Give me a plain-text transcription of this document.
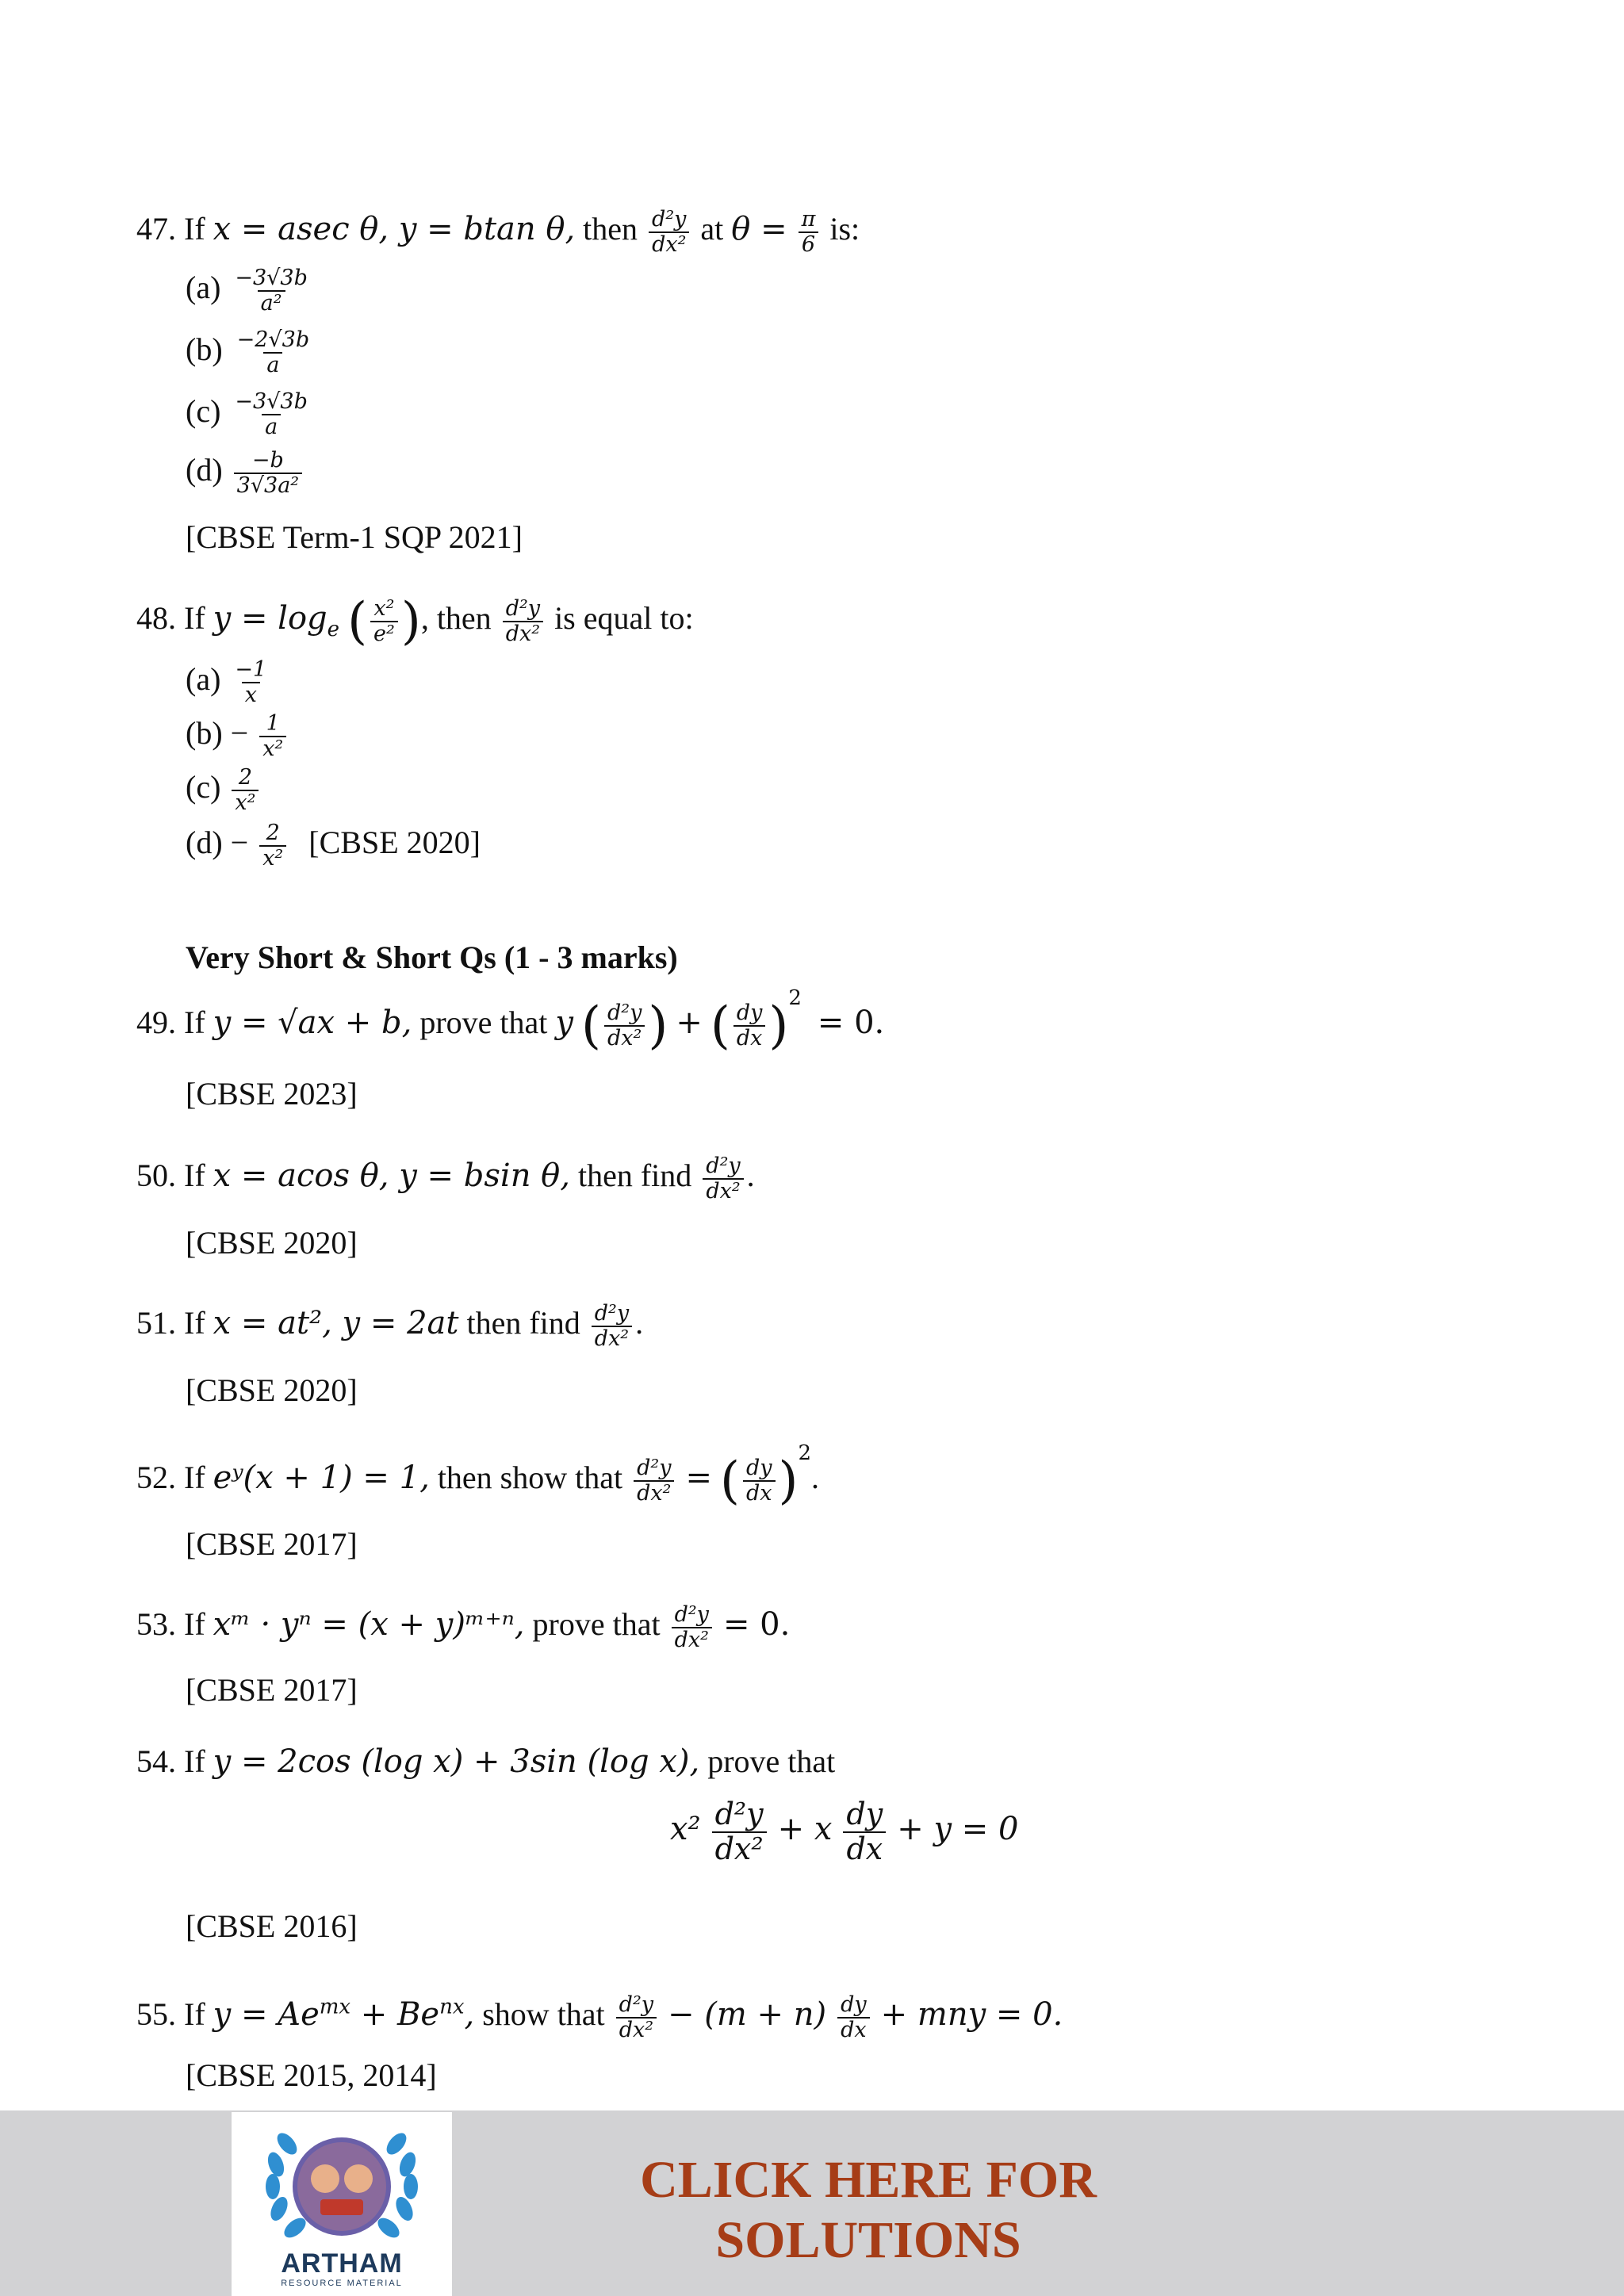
47. If x = asec θ, y = btan θ, then $\frac{\text{d²y}}{\text{dx²}}$ at $\theta = \frac{\pi}{6}$ is:
$(a) \frac{-3√3b}{\text{a²}}$
$(b) \frac{-2√3b}{a}$
$(c) \frac{-3√3b}{a}$
$(d) \frac{-b}{\text{3√3a²}}$
[CBSE Term-1 SQP 2021]
48. If $y = \log_e$ ( $\frac{\text{x²}}{\text{e²}}$ ), then $\frac{\text{d²y}}{\text{dx²}}$ is equal to:
$(a) \frac{-1}{x}$
$(b) - \frac{1}{\text{x²}}$
$(c) \frac{2}{\text{x²}}$
$(d) - \frac{2}{\text{x²}}$ [CBSE 2020]
Very Short & Short Qs (1 - 3 marks)
49. If y = √ax + b, prove that y ( $\frac{\text{d²y}}{\text{dx²}}$ ) + ( $\frac{dy}{dx} )^2 = 0$.
[CBSE 2023]
50. If x = acos θ, y = bsin θ, then find $\frac{\text{d²y}}{\text{dx²}}$ .
[CBSE 2020]
51. If x = at², y = 2at then find $\frac{\text{d²y}}{\text{dx²}}$ .
[CBSE 2020]
52. If eʸ(x + 1) = 1, then show that $\frac{\text{d²y}}{\text{dx²}}$ = ( $\frac{dy}{dx} )^2$.
[CBSE 2017]
53. If xᵐ · yⁿ = (x + y)ᵐ⁺ⁿ, prove that $\frac{\text{d²y}}{\text{dx²}} = 0$.
[CBSE 2017]
54. If y = 2cos (log x) + 3sin (log x), prove that
$x^2 \frac{\text{d²y}}{\text{dx²}} + x \frac{dy}{dx} + y = 0$
[CBSE 2016]
55. If $y = Ae^{mx} + Be^{nx}$, show that $\frac{\text{d²y}}{\text{dx²}} - (m + n) \frac{dy}{dx}$ + mny = 0.
[CBSE 2015, 2014]
ARTHAM
RESOURCE MATERIAL
CLICK HERE FOR
SOLUTIONS
